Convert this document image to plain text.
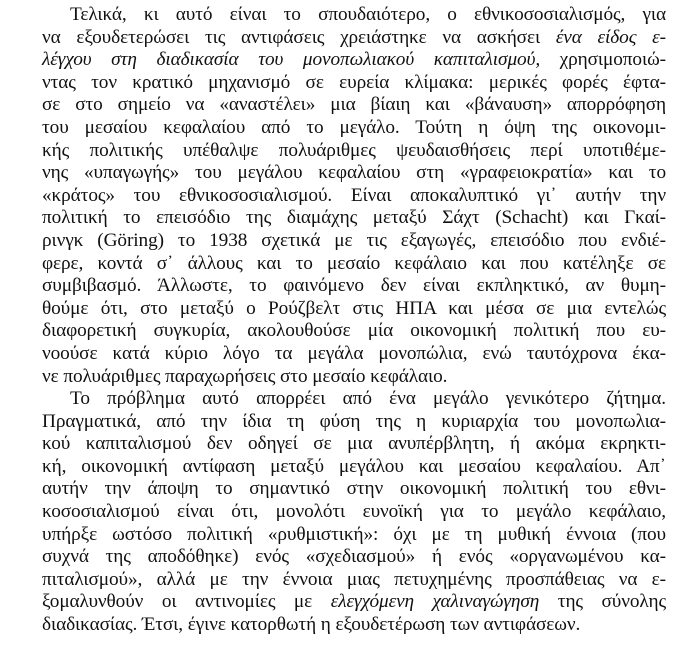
Τελικά, κι αυτό είναι το σπουδαιότερο, ο εθνικοσοσιαλισμός, για
να εξουδετερώσει τις αντιφάσεις χρειάστηκε να ασκήσει ένα είδος ε-
λέγχου στη διαδικασία του μονοπωλιακού καπιταλισμού, χρησιμοποιώ-
ντας τον κρατικό μηχανισμό σε ευρεία κλίμακα: μερικές φορές έφτα-
σε στο σημείο να «αναστέλει» μια βίαιη και «βάναυση» απορρόφηση
του μεσαίου κεφαλαίου από το μεγάλο. Τούτη η όψη της οικονομι-
κής πολιτικής υπέθαλψε πολυάριθμες ψευδαισθήσεις περί υποτιθέμε-
νης «υπαγωγής» του μεγάλου κεφαλαίου στη «γραφειοκρατία» και το
«κράτος» του εθνικοσοσιαλισμού. Είναι αποκαλυπτικό γι᾿ αυτήν την
πολιτική το επεισόδιο της διαμάχης μεταξύ Σάχτ (Schacht) και Γκαί-
ρινγκ (Göring) το 1938 σχετικά με τις εξαγωγές, επεισόδιο που ενδιέ-
φερε, κοντά σ᾿ άλλους και το μεσαίο κεφάλαιο και που κατέληξε σε
συμβιβασμό. Άλλωστε, το φαινόμενο δεν είναι εκπληκτικό, αν θυμη-
θούμε ότι, στο μεταξύ ο Ρούζβελτ στις ΗΠΑ και μέσα σε μια εντελώς
διαφορετική συγκυρία, ακολουθούσε μία οικονομική πολιτική που ευ-
νοούσε κατά κύριο λόγο τα μεγάλα μονοπώλια, ενώ ταυτόχρονα έκα-
νε πολυάριθμες παραχωρήσεις στο μεσαίο κεφάλαιο.
Το πρόβλημα αυτό απορρέει από ένα μεγάλο γενικότερο ζήτημα.
Πραγματικά, από την ίδια τη φύση της η κυριαρχία του μονοπωλια-
κού καπιταλισμού δεν οδηγεί σε μια ανυπέρβλητη, ή ακόμα εκρηκτι-
κή, οικονομική αντίφαση μεταξύ μεγάλου και μεσαίου κεφαλαίου. Απ᾿
αυτήν την άποψη το σημαντικό στην οικονομική πολιτική του εθνι-
κοσοσιαλισμού είναι ότι, μονολότι ευνοϊκή για το μεγάλο κεφάλαιο,
υπήρξε ωστόσο πολιτική «ρυθμιστική»: όχι με τη μυθική έννοια (που
συχνά της αποδόθηκε) ενός «σχεδιασμού» ή ενός «οργανωμένου κα-
πιταλισμού», αλλά με την έννοια μιας πετυχημένης προσπάθειας να ε-
ξομαλυνθούν οι αντινομίες με ελεγχόμενη χαλιναγώγηση της σύνολης
διαδικασίας. Έτσι, έγινε κατορθωτή η εξουδετέρωση των αντιφάσεων.
